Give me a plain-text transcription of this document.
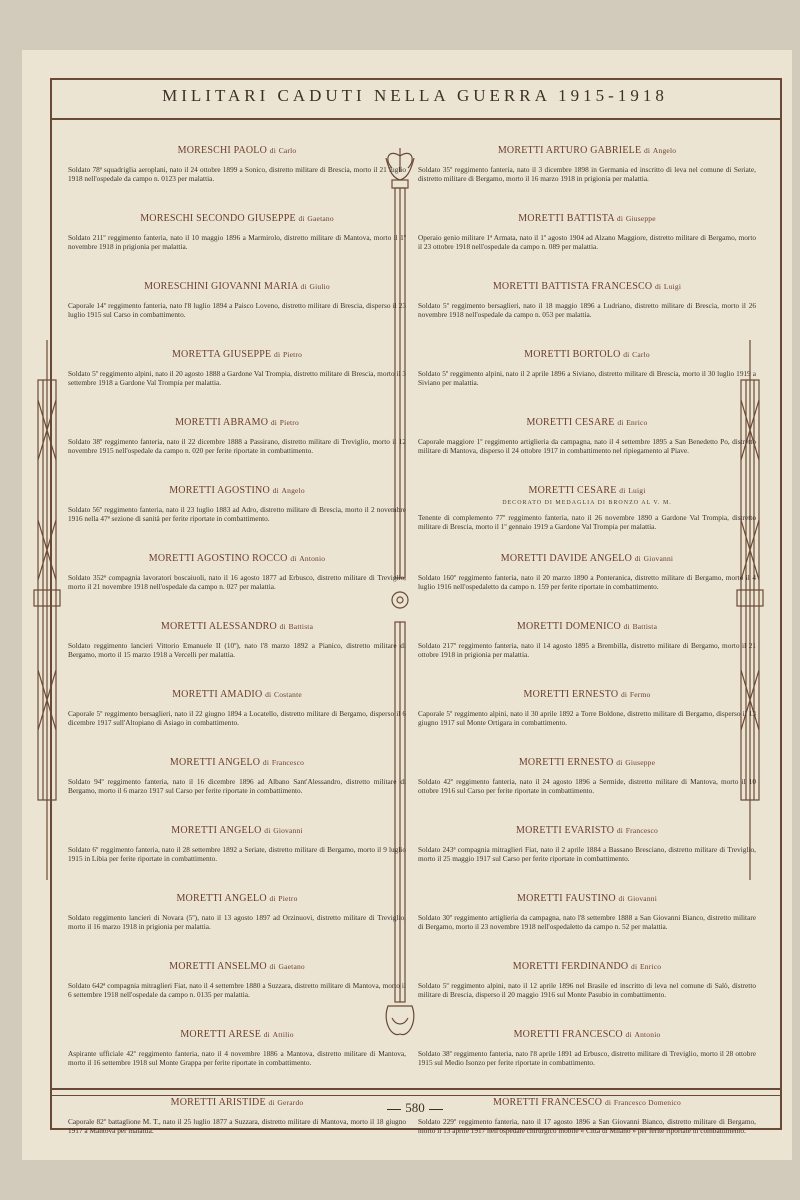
MILITARI CADUTI NELLA GUERRA 1915-1918
MORESCHI PAOLO di Carlo

Soldato 78ª squadriglia aeroplani, nato il 24 ottobre 1899 a Sonico, distretto militare di Brescia, morto il 21 luglio 1918 nell'ospedale da campo n. 0123 per malattia.

MORESCHI SECONDO GIUSEPPE di Gaetano

Soldato 211º reggimento fanteria, nato il 10 maggio 1896 a Marmirolo, distretto militare di Mantova, morto il 1º novembre 1918 in prigionia per malattia.

MORESCHINI GIOVANNI MARIA di Giulio

Caporale 14º reggimento fanteria, nato l'8 luglio 1894 a Paisco Loveno, distretto militare di Brescia, disperso il 23 luglio 1915 sul Carso in combattimento.

MORETTA GIUSEPPE di Pietro

Soldato 5º reggimento alpini, nato il 20 agosto 1888 a Gardone Val Trompia, distretto militare di Brescia, morto il 3 settembre 1918 a Gardone Val Trompia per malattia.

MORETTI ABRAMO di Pietro

Soldato 38º reggimento fanteria, nato il 22 dicembre 1888 a Passirano, distretto militare di Treviglio, morto il 12 novembre 1915 nell'ospedale da campo n. 020 per ferite riportate in combattimento.

MORETTI AGOSTINO di Angelo

Soldato 56º reggimento fanteria, nato il 23 luglio 1883 ad Adro, distretto militare di Brescia, morto il 2 novembre 1916 nella 47ª sezione di sanità per ferite riportate in combattimento.

MORETTI AGOSTINO ROCCO di Antonio

Soldato 352ª compagnia lavoratori boscaiuoli, nato il 16 agosto 1877 ad Erbusco, distretto militare di Treviglio, morto il 21 novembre 1918 nell'ospedale da campo n. 027 per malattia.

MORETTI ALESSANDRO di Battista

Soldato reggimento lancieri Vittorio Emanuele II (10º), nato l'8 marzo 1892 a Pianico, distretto militare di Bergamo, morto il 15 marzo 1918 a Vercelli per malattia.

MORETTI AMADIO di Costante

Caporale 5º reggimento bersaglieri, nato il 22 giugno 1894 a Locatello, distretto militare di Bergamo, disperso il 6 dicembre 1917 sull'Altopiano di Asiago in combattimento.

MORETTI ANGELO di Francesco

Soldato 94º reggimento fanteria, nato il 16 dicembre 1896 ad Albano Sant'Alessandro, distretto militare di Bergamo, morto il 6 marzo 1917 sul Carso per ferite riportate in combattimento.

MORETTI ANGELO di Giovanni

Soldato 6º reggimento fanteria, nato il 28 settembre 1892 a Seriate, distretto militare di Bergamo, morto il 9 luglio 1915 in Libia per ferite riportate in combattimento.

MORETTI ANGELO di Pietro

Soldato reggimento lancieri di Novara (5º), nato il 13 agosto 1897 ad Orzinuovi, distretto militare di Treviglio, morto il 16 marzo 1918 in prigionia per malattia.

MORETTI ANSELMO di Gaetano

Soldato 642ª compagnia mitraglieri Fiat, nato il 4 settembre 1880 a Suzzara, distretto militare di Mantova, morto il 6 settembre 1918 nell'ospedale da campo n. 0135 per malattia.

MORETTI ARESE di Attilio

Aspirante ufficiale 42º reggimento fanteria, nato il 4 novembre 1886 a Mantova, distretto militare di Mantova, morto il 16 settembre 1918 sul Monte Grappa per ferite riportate in combattimento.

MORETTI ARISTIDE di Gerardo

Caporale 82º battaglione M. T., nato il 25 luglio 1877 a Suzzara, distretto militare di Mantova, morto il 18 giugno 1917 a Mantova per malattia.

MORETTI ARTURO GABRIELE di Angelo

Soldato 35º reggimento fanteria, nato il 3 dicembre 1898 in Germania ed inscritto di leva nel comune di Seriate, distretto militare di Bergamo, morto il 16 marzo 1918 in prigionia per malattia.

MORETTI BATTISTA di Giuseppe

Operaio genio militare 1ª Armata, nato il 1º agosto 1904 ad Alzano Maggiore, distretto militare di Bergamo, morto il 23 ottobre 1918 nell'ospedale da campo n. 089 per malattia.

MORETTI BATTISTA FRANCESCO di Luigi

Soldato 5º reggimento bersaglieri, nato il 18 maggio 1896 a Ludriano, distretto militare di Brescia, morto il 26 novembre 1918 nell'ospedale da campo n. 053 per malattia.

MORETTI BORTOLO di Carlo

Soldato 5º reggimento alpini, nato il 2 aprile 1896 a Siviano, distretto militare di Brescia, morto il 30 luglio 1919 a Siviano per malattia.

MORETTI CESARE di Enrico

Caporale maggiore 1º reggimento artiglieria da campagna, nato il 4 settembre 1895 a San Benedetto Po, distretto militare di Mantova, disperso il 24 ottobre 1917 in combattimento nel ripiegamento al Piave.

MORETTI CESARE di Luigi
DECORATO DI MEDAGLIA DI BRONZO AL V. M.

Tenente di complemento 77º reggimento fanteria, nato il 26 novembre 1890 a Gardone Val Trompia, distretto militare di Brescia, morto il 1º gennaio 1919 a Gardone Val Trompia per malattia.

MORETTI DAVIDE ANGELO di Giovanni

Soldato 160º reggimento fanteria, nato il 20 marzo 1890 a Ponteranica, distretto militare di Bergamo, morto il 4 luglio 1916 nell'ospedaletto da campo n. 159 per ferite riportate in combattimento.

MORETTI DOMENICO di Battista

Soldato 217º reggimento fanteria, nato il 14 agosto 1895 a Brembilla, distretto militare di Bergamo, morto il 21 ottobre 1918 in prigionia per malattia.

MORETTI ERNESTO di Fermo

Caporale 5º reggimento alpini, nato il 30 aprile 1892 a Torre Boldone, distretto militare di Bergamo, disperso il 13 giugno 1917 sul Monte Ortigara in combattimento.

MORETTI ERNESTO di Giuseppe

Soldato 42º reggimento fanteria, nato il 24 agosto 1896 a Sermide, distretto militare di Mantova, morto il 10 ottobre 1916 sul Carso per ferite riportate in combattimento.

MORETTI EVARISTO di Francesco

Soldato 243ª compagnia mitraglieri Fiat, nato il 2 aprile 1884 a Bassano Bresciano, distretto militare di Treviglio, morto il 25 maggio 1917 sul Carso per ferite riportate in combattimento.

MORETTI FAUSTINO di Giovanni

Soldato 30º reggimento artiglieria da campagna, nato l'8 settembre 1888 a San Giovanni Bianco, distretto militare di Bergamo, morto il 23 novembre 1918 nell'ospedaletto da campo n. 52 per malattia.

MORETTI FERDINANDO di Enrico

Soldato 5º reggimento alpini, nato il 12 aprile 1896 nel Brasile ed inscritto di leva nel comune di Salò, distretto militare di Brescia, disperso il 20 maggio 1916 sul Monte Pasubio in combattimento.

MORETTI FRANCESCO di Antonio

Soldato 38º reggimento fanteria, nato l'8 aprile 1891 ad Erbusco, distretto militare di Treviglio, morto il 28 ottobre 1915 sul Medio Isonzo per ferite riportate in combattimento.

MORETTI FRANCESCO di Francesco Domenico

Soldato 229º reggimento fanteria, nato il 17 agosto 1896 a San Giovanni Bianco, distretto militare di Bergamo, morto il 13 aprile 1917 nell'ospedale chirurgico mobile « Città di Milano » per ferite riportate in combattimento.

580
